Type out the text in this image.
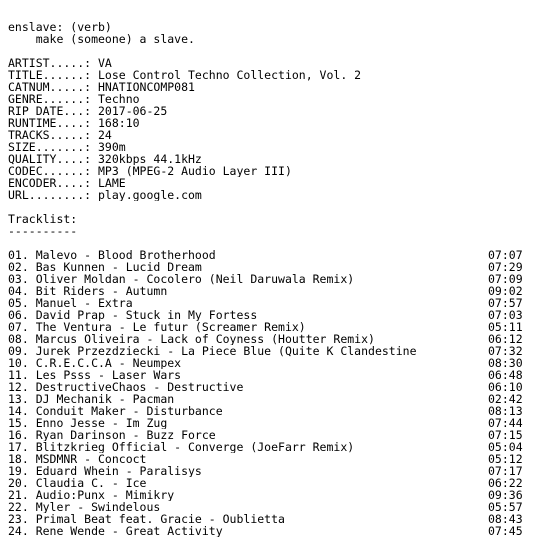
enslave: (verb)
make (someone) a slave.
ARTIST.....: VA
TITLE......: Lose Control Techno Collection, Vol. 2
CATNUM.....: HNATIONCOMP081
GENRE......: Techno
RIP DATE...: 2017-06-25
RUNTIME....: 168:10
TRACKS.....: 24
SIZE.......: 390m
QUALITY....: 320kbps 44.1kHz
CODEC......: MP3 (MPEG-2 Audio Layer III)
ENCODER....: LAME
URL........: play.google.com
Tracklist:
----------
01. Malevo - Blood Brotherhood	07:07
02. Bas Kunnen - Lucid Dream	07:29
03. Oliver Moldan - Cocolero (Neil Daruwala Remix)	07:09
04. Bit Riders - Autumn	09:02
05. Manuel - Extra	07:57
06. David Prap - Stuck in My Fortess	07:03
07. The Ventura - Le futur (Screamer Remix)	05:11
08. Marcus Oliveira - Lack of Coyness (Houtter Remix)	06:12
09. Jurek Przezdziecki - La Piece Blue (Quite K Clandestine	07:32
10. C.R.E.C.C.A - Neumpex	08:30
11. Les Psss - Laser Wars	06:48
12. DestructiveChaos - Destructive	06:10
13. DJ Mechanik - Pacman	02:42
14. Conduit Maker - Disturbance	08:13
15. Enno Jesse - Im Zug	07:44
16. Ryan Darinson - Buzz Force	07:15
17. Blitzkrieg Official - Converge (JoeFarr Remix)	05:04
18. MSDMNR - Concoct	05:12
19. Eduard Whein - Paralisys	07:17
20. Claudia C. - Ice	06:22
21. Audio:Punx - Mimikry	09:36
22. Myler - Swindelous	05:57
23. Primal Beat feat. Gracie - Oublietta	08:43
24. Rene Wende - Great Activity	07:45
